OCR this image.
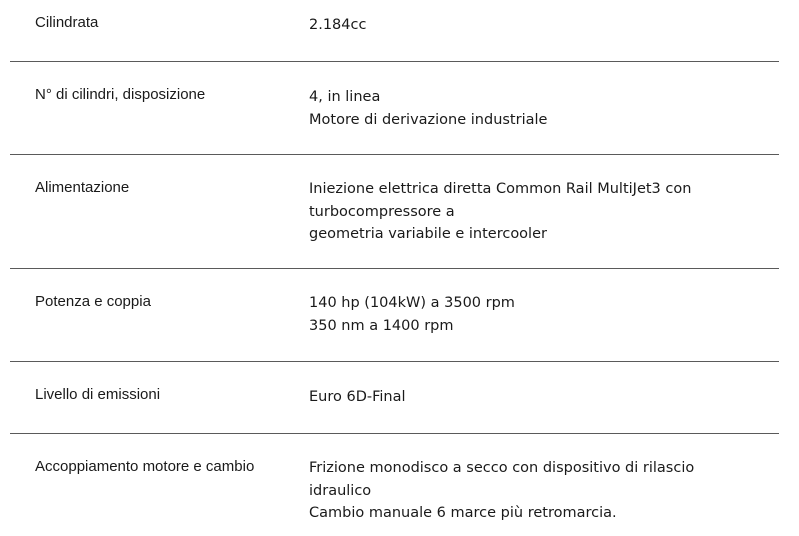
Cilindrata	2.184cc
N° di cilindri, disposizione	4, in linea
Motore di derivazione industriale
Alimentazione	Iniezione elettrica diretta Common Rail MultiJet3 con
turbocompressore a
geometria variabile e intercooler
Potenza e coppia	140 hp (104kW) a 3500 rpm
350 nm a 1400 rpm
Livello di emissioni	Euro 6D-Final
Accoppiamento motore e cambio	Frizione monodisco a secco con dispositivo di rilascio
idraulico
Cambio manuale 6 marce più retromarcia.
